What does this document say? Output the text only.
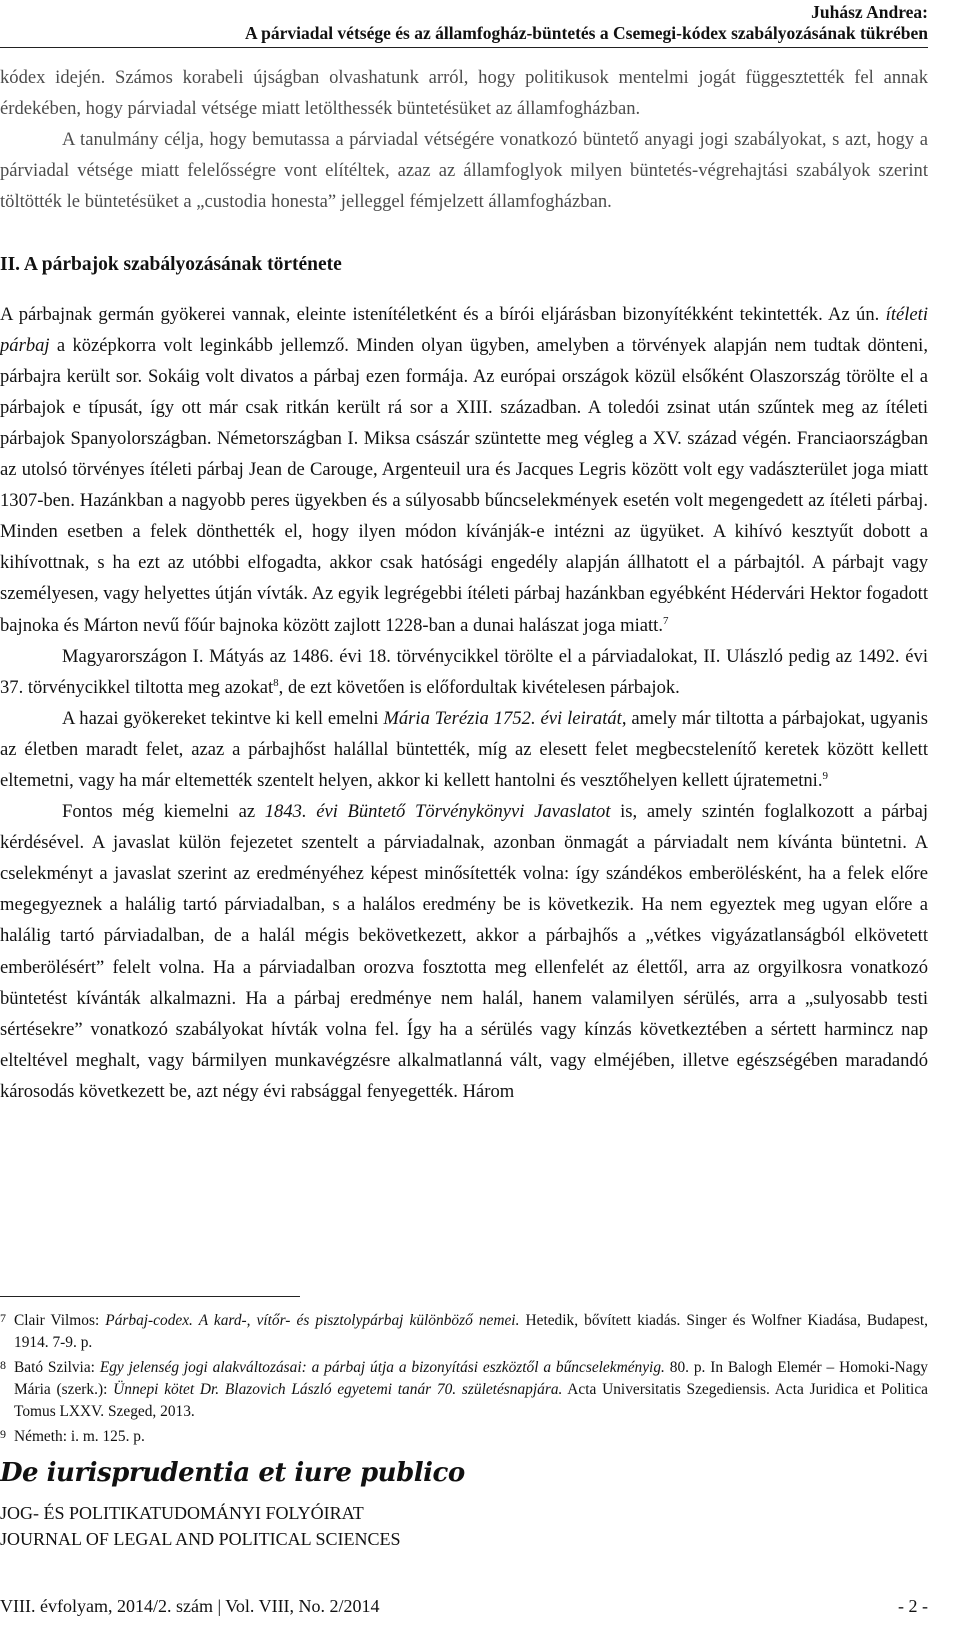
Juhász Andrea:
A párviadal vétsége és az államfogház-büntetés a Csemegi-kódex szabályozásának tükrében

kódex idején. Számos korabeli újságban olvashatunk arról, hogy politikusok mentelmi jogát függesztették fel annak érdekében, hogy párviadal vétsége miatt letölthessék büntetésüket az államfogházban.

A tanulmány célja, hogy bemutassa a párviadal vétségére vonatkozó büntető anyagi jogi szabályokat, s azt, hogy a párviadal vétsége miatt felelősségre vont elítéltek, azaz az államfoglyok milyen büntetés-végrehajtási szabályok szerint töltötték le büntetésüket a „custodia honesta” jelleggel fémjelzett államfogházban.

II. A párbajok szabályozásának története

A párbajnak germán gyökerei vannak, eleinte istenítéletként és a bírói eljárásban bizonyítékként tekintették. Az ún. ítéleti párbaj a középkorra volt leginkább jellemző. Minden olyan ügyben, amelyben a törvények alapján nem tudtak dönteni, párbajra került sor. Sokáig volt divatos a párbaj ezen formája. Az európai országok közül elsőként Olaszország törölte el a párbajok e típusát, így ott már csak ritkán került rá sor a XIII. században. A toledói zsinat után szűntek meg az ítéleti párbajok Spanyolországban. Németországban I. Miksa császár szüntette meg végleg a XV. század végén. Franciaországban az utolsó törvényes ítéleti párbaj Jean de Carouge, Argenteuil ura és Jacques Legris között volt egy vadászterület joga miatt 1307-ben. Hazánkban a nagyobb peres ügyekben és a súlyosabb bűncselekmények esetén volt megengedett az ítéleti párbaj. Minden esetben a felek dönthették el, hogy ilyen módon kívánják-e intézni az ügyüket. A kihívó kesztyűt dobott a kihívottnak, s ha ezt az utóbbi elfogadta, akkor csak hatósági engedély alapján állhatott el a párbajtól. A párbajt vagy személyesen, vagy helyettes útján vívták. Az egyik legrégebbi ítéleti párbaj hazánkban egyébként Hédervári Hektor fogadott bajnoka és Márton nevű főúr bajnoka között zajlott 1228-ban a dunai halászat joga miatt.$^7$

Magyarországon I. Mátyás az 1486. évi 18. törvénycikkel törölte el a párviadalokat, II. Ulászló pedig az 1492. évi 37. törvénycikkel tiltotta meg azokat$^8$, de ezt követően is előfordultak kivételesen párbajok.

A hazai gyökereket tekintve ki kell emelni Mária Terézia 1752. évi leiratát, amely már tiltotta a párbajokat, ugyanis az életben maradt felet, azaz a párbajhőst halállal büntették, míg az elesett felet megbecstelenítő keretek között kellett eltemetni, vagy ha már eltemették szentelt helyen, akkor ki kellett hantolni és vesztőhelyen kellett újratemetni.$^9$

Fontos még kiemelni az 1843. évi Büntető Törvénykönyvi Javaslatot is, amely szintén foglalkozott a párbaj kérdésével. A javaslat külön fejezetet szentelt a párviadalnak, azonban önmagát a párviadalt nem kívánta büntetni. A cselekményt a javaslat szerint az eredményéhez képest minősítették volna: így szándékos emberölésként, ha a felek előre megegyeznek a halálig tartó párviadalban, s a halálos eredmény be is következik. Ha nem egyeztek meg ugyan előre a halálig tartó párviadalban, de a halál mégis bekövetkezett, akkor a párbajhős a „vétkes vigyázatlanságból elkövetett emberölésért” felelt volna. Ha a párviadalban orozva fosztotta meg ellenfelét az élettől, arra az orgyilkosra vonatkozó büntetést kívánták alkalmazni. Ha a párbaj eredménye nem halál, hanem valamilyen sérülés, arra a „sulyosabb testi sértésekre” vonatkozó szabályokat hívták volna fel. Így ha a sérülés vagy kínzás következtében a sértett harmincz nap elteltével meghalt, vagy bármilyen munkavégzésre alkalmatlanná vált, vagy elméjében, illetve egészségében maradandó károsodás következett be, azt négy évi rabsággal fenyegették. Három

7 Clair Vilmos: Párbaj-codex. A kard-, vítőr- és pisztolypárbaj különböző nemei. Hetedik, bővített kiadás. Singer és Wolfner Kiadása, Budapest, 1914. 7-9. p.

8 Bató Szilvia: Egy jelenség jogi alakváltozásai: a párbaj útja a bizonyítási eszköztől a bűncselekményig. 80. p. In Balogh Elemér – Homoki-Nagy Mária (szerk.): Ünnepi kötet Dr. Blazovich László egyetemi tanár 70. születésnapjára. Acta Universitatis Szegediensis. Acta Juridica et Politica Tomus LXXV. Szeged, 2013.

9 Németh: i. m. 125. p.

De iurisprudentia et iure publico
JOG- ÉS POLITIKATUDOMÁNYI FOLYÓIRAT
JOURNAL OF LEGAL AND POLITICAL SCIENCES
VIII. évfolyam, 2014/2. szám | Vol. VIII, No. 2/2014	- 2 -
